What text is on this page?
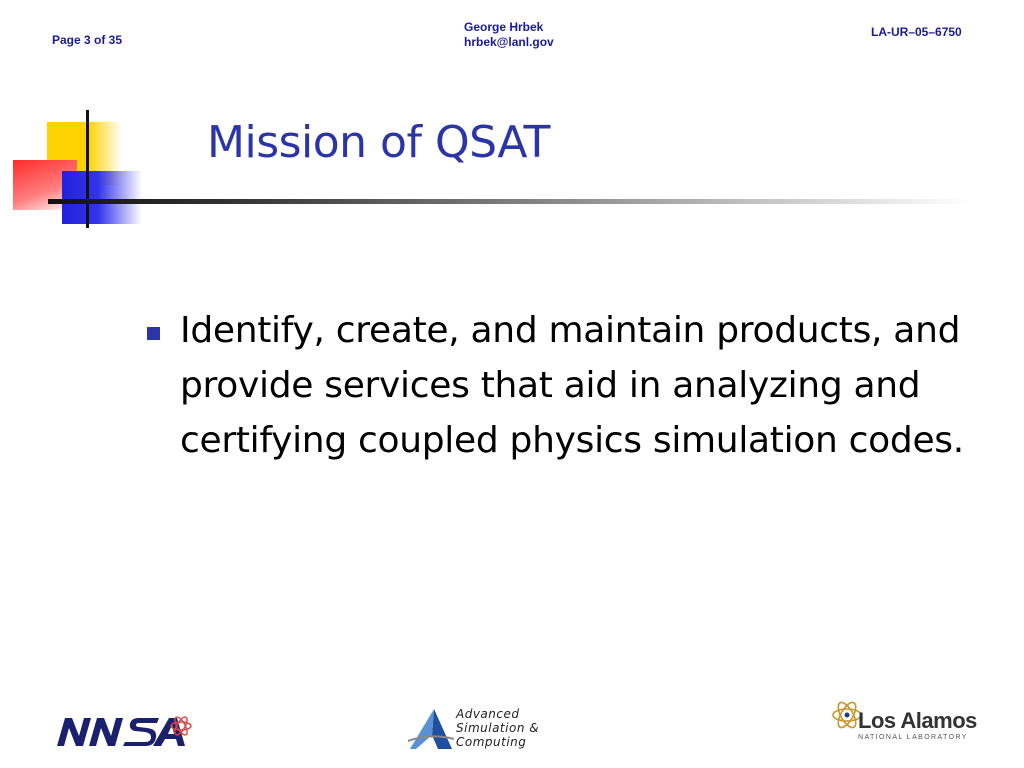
Page 3 of 35
George Hrbek
hrbek@lanl.gov
LA-UR–05–6750
Mission of QSAT
Identify, create, and maintain products, and provide services that aid in analyzing and certifying coupled physics simulation codes.
Advanced
Simulation &
Computing
Los Alamos
NATIONAL LABORATORY
